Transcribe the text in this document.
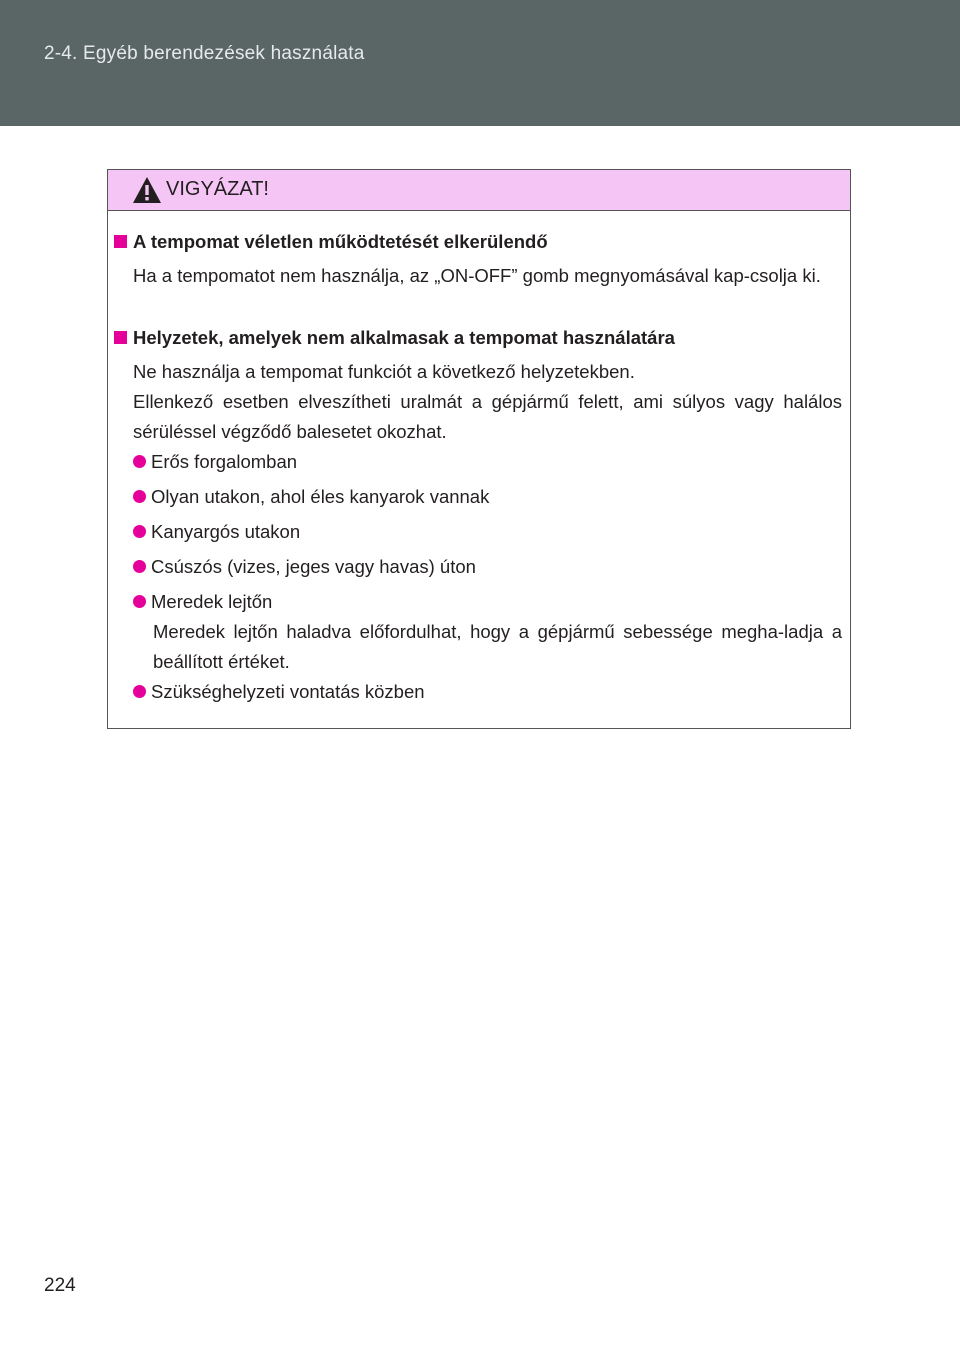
2-4. Egyéb berendezések használata
VIGYÁZAT!
A tempomat véletlen működtetését elkerülendő
Ha a tempomatot nem használja, az „ON-OFF” gomb megnyomásával kap-csolja ki.
Helyzetek, amelyek nem alkalmasak a tempomat használatára
Ne használja a tempomat funkciót a következő helyzetekben.
Ellenkező esetben elveszítheti uralmát a gépjármű felett, ami súlyos vagy halálos sérüléssel végződő balesetet okozhat.
Erős forgalomban
Olyan utakon, ahol éles kanyarok vannak
Kanyargós utakon
Csúszós (vizes, jeges vagy havas) úton
Meredek lejtőn
Meredek lejtőn haladva előfordulhat, hogy a gépjármű sebessége megha-ladja a beállított értéket.
Szükséghelyzeti vontatás közben
224
